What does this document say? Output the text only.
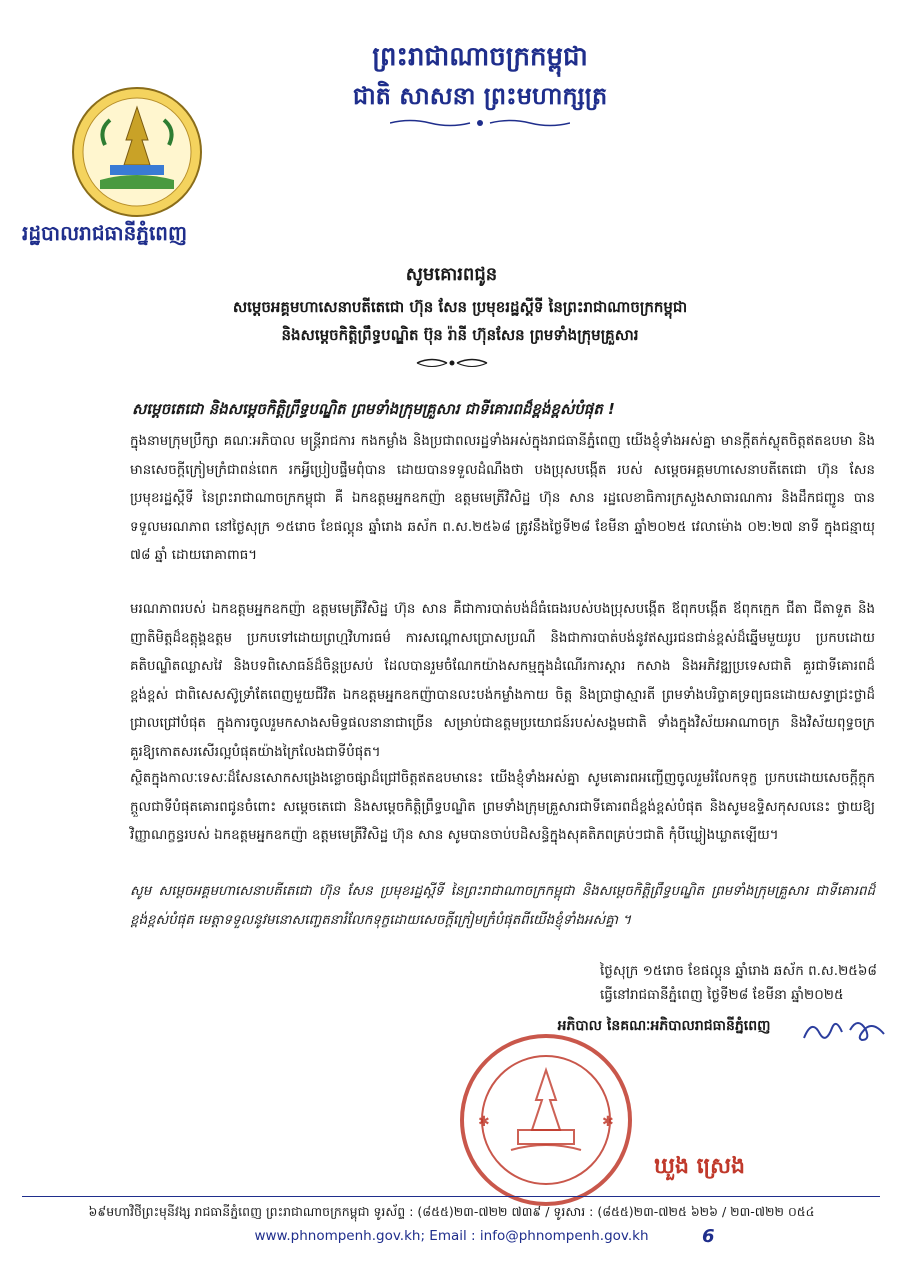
ព្រះរាជាណាចក្រកម្ពុជា
ជាតិ សាសនា ព្រះមហាក្សត្រ
រដ្ឋបាលរាជធានីភ្នំពេញ
សូមគោរពជូន
សម្ដេចអគ្គមហាសេនាបតីតេជោ ហ៊ុន សែន ប្រមុខរដ្ឋស្ដីទី នៃព្រះរាជាណាចក្រកម្ពុជា
និងសម្ដេចកិត្តិព្រឹទ្ធបណ្ឌិត ប៊ុន រ៉ានី ហ៊ុនសែន ព្រមទាំងក្រុមគ្រួសារ
សម្ដេចតេជោ និងសម្ដេចកិត្តិព្រឹទ្ធបណ្ឌិត ព្រមទាំងក្រុមគ្រួសារ ជាទីគោរពដ៏ខ្ពង់ខ្ពស់បំផុត !

ក្នុងនាមក្រុមប្រឹក្សា គណៈអភិបាល មន្ត្រីរាជការ កងកម្លាំង និងប្រជាពលរដ្ឋទាំងអស់ក្នុងរាជធានីភ្នំពេញ យើងខ្ញុំទាំងអស់គ្នា មានក្ដីតក់ស្លុតចិត្តឥតឧបមា និងមានសេចក្ដីក្រៀមក្រំជាពន់ពេក រកអ្វីប្រៀបផ្ទឹមពុំបាន ដោយបានទទួលដំណឹងថា បងប្រុសបង្កើត របស់ សម្ដេចអគ្គមហាសេនាបតីតេជោ ហ៊ុន សែន ប្រមុខរដ្ឋស្ដីទី នៃព្រះរាជាណាចក្រកម្ពុជា គឺ ឯកឧត្តមអ្នកឧកញ៉ា ឧត្តមមេត្រីវិសិដ្ឋ ហ៊ុន សាន រដ្ឋលេខាធិការក្រសួងសាធារណការ និងដឹកជញ្ជូន បានទទួលមរណភាព នៅថ្ងៃសុក្រ ១៥រោច ខែផល្គុន ឆ្នាំរោង ឆស័ក ព.ស.២៥៦៨ ត្រូវនឹងថ្ងៃទី២៨ ខែមីនា ឆ្នាំ២០២៥ វេលាម៉ោង ០២:២៧ នាទី ក្នុងជន្មាយុ ៧៨ ឆ្នាំ ដោយរោគាពាធ។

មរណភាពរបស់ ឯកឧត្តមអ្នកឧកញ៉ា ឧត្តមមេត្រីវិសិដ្ឋ ហ៊ុន សាន គឺជាការបាត់បង់ដ៏ធំធេងរបស់បងប្រុសបង្កើត ឪពុកបង្កើត ឪពុកក្មេក ជីតា ជីតាទួត និងញាតិមិត្តដ៏ឧត្តុង្គឧត្តម ប្រកបទៅដោយព្រហ្មវិហារធម៌ ការសណ្ដោសប្រោសប្រណី និងជាការបាត់បង់នូវឥស្សរជនជាន់ខ្ពស់ដ៏ឆ្នើមមួយរូប ប្រកបដោយគតិបណ្ឌិតឈ្លាសវៃ និងបទពិសោធន៍ដ៏ចិន្ដប្រសប់ ដែលបានរួមចំណែកយ៉ាងសកម្មក្នុងដំណើរការស្ដារ កសាង និងអភិវឌ្ឍប្រទេសជាតិ គួរជាទីគោរពដ៏ខ្ពង់ខ្ពស់ ជាពិសេសស៊ូទ្រាំតែពេញមួយជីវិត ឯកឧត្តមអ្នកឧកញ៉ាបានលះបង់កម្លាំងកាយ ចិត្ត និងប្រាជ្ញាស្មារតី ព្រមទាំងបរិច្ចាគទ្រព្យធនដោយសទ្ធាជ្រះថ្លាដ៏ជ្រាលជ្រៅបំផុត ក្នុងការចូលរួមកសាងសមិទ្ធផលនានាជាច្រើន សម្រាប់ជាឧត្តមប្រយោជន៍របស់សង្គមជាតិ ទាំងក្នុងវិស័យអាណាចក្រ និងវិស័យពុទ្ធចក្រ គួរឱ្យកោតសរសើរល្អបំផុតយ៉ាងក្រៃលែងជាទីបំផុត។

ស្ថិតក្នុងកាលៈទេសៈដ៏សែនសោកសង្រេងខ្លោចផ្សាដ៏ជ្រៅចិត្តឥតឧបមានេះ យើងខ្ញុំទាំងអស់គ្នា សូមគោរពអញ្ជើញចូលរួមរំលែកទុក្ខ ប្រកបដោយសេចក្ដីក្ដុកក្ដួលជាទីបំផុតគោរពជូនចំពោះ សម្ដេចតេជោ និងសម្ដេចកិត្តិព្រឹទ្ធបណ្ឌិត ព្រមទាំងក្រុមគ្រួសារជាទីគោរពដ៏ខ្ពង់ខ្ពស់បំផុត និងសូមឧទ្ទិសកុសលនេះ ថ្វាយឱ្យវិញ្ញាណក្ខន្ធរបស់ ឯកឧត្តមអ្នកឧកញ៉ា ឧត្តមមេត្រីវិសិដ្ឋ ហ៊ុន សាន សូមបានចាប់បដិសន្ធិក្នុងសុគតិភពគ្រប់ៗជាតិ កុំបីឃ្លៀងឃ្លាតឡើយ។

សូម សម្ដេចអគ្គមហាសេនាបតីតេជោ ហ៊ុន សែន ប្រមុខរដ្ឋស្ដីទី នៃព្រះរាជាណាចក្រកម្ពុជា និងសម្ដេចកិត្តិព្រឹទ្ធបណ្ឌិត ព្រមទាំងក្រុមគ្រួសារ ជាទីគោរពដ៏ខ្ពង់ខ្ពស់បំផុត មេត្តាទទួលនូវមនោសញ្ចេតនារំលែកទុក្ខដោយសេចក្ដីក្រៀមក្រំបំផុតពីយើងខ្ញុំទាំងអស់គ្នា ។

ថ្ងៃសុក្រ ១៥រោច ខែផល្គុន ឆ្នាំរោង ឆស័ក ព.ស.២៥៦៨
ធ្វើនៅរាជធានីភ្នំពេញ ថ្ងៃទី២៨ ខែមីនា ឆ្នាំ២០២៥
អភិបាល នៃគណៈអភិបាលរាជធានីភ្នំពេញ
✱	✱
ឃួង ស្រេង
៦៩មហាវិថីព្រះមុនីវង្ស រាជធានីភ្នំពេញ ព្រះរាជាណាចក្រកម្ពុជា ទូរស័ព្ទ : (៨៥៥)២៣-៧២២ ៧៣៩ / ទូរសារ : (៨៥៥)២៣-៧២៥ ៦២៦ / ២៣-៧២២ ០៥៤
www.phnompenh.gov.kh; Email : info@phnompenh.gov.kh	6
